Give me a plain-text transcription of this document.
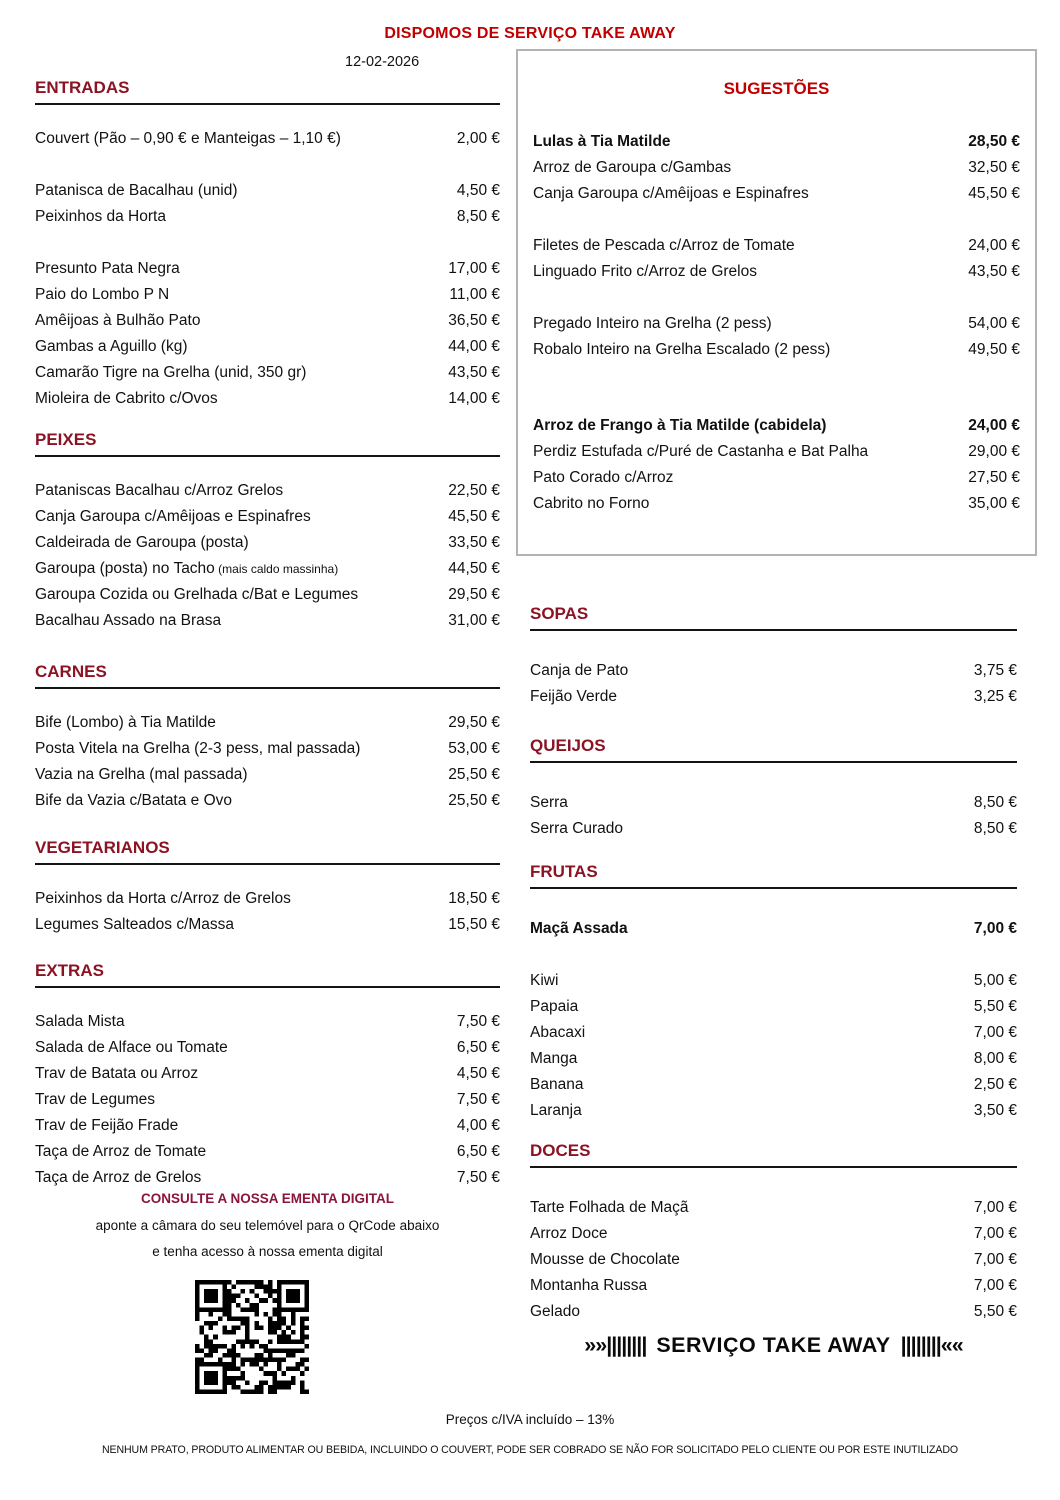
DISPOMOS DE SERVIÇO TAKE AWAY
12-02-2026
ENTRADAS
Couvert (Pão – 0,90 € e Manteigas – 1,10 €)	2,00 €
Patanisca de Bacalhau (unid)	4,50 €
Peixinhos da Horta	8,50 €
Presunto Pata Negra	17,00 €
Paio do Lombo P N	11,00 €
Amêijoas à Bulhão Pato	36,50 €
Gambas a Aguillo (kg)	44,00 €
Camarão Tigre na Grelha (unid, 350 gr)	43,50 €
Mioleira de Cabrito c/Ovos	14,00 €
PEIXES
Pataniscas Bacalhau c/Arroz Grelos	22,50 €
Canja Garoupa c/Amêijoas e Espinafres	45,50 €
Caldeirada de Garoupa (posta)	33,50 €
Garoupa (posta) no Tacho (mais caldo massinha)	44,50 €
Garoupa Cozida ou Grelhada c/Bat e Legumes	29,50 €
Bacalhau Assado na Brasa	31,00 €
CARNES
Bife (Lombo) à Tia Matilde	29,50 €
Posta Vitela na Grelha (2-3 pess, mal passada)	53,00 €
Vazia na Grelha (mal passada)	25,50 €
Bife da Vazia c/Batata e Ovo	25,50 €
VEGETARIANOS
Peixinhos da Horta c/Arroz de Grelos	18,50 €
Legumes Salteados c/Massa	15,50 €
EXTRAS
Salada Mista	7,50 €
Salada de Alface ou Tomate	6,50 €
Trav de Batata ou Arroz	4,50 €
Trav de Legumes	7,50 €
Trav de Feijão Frade	4,00 €
Taça de Arroz de Tomate	6,50 €
Taça de Arroz de Grelos	7,50 €
SUGESTÕES
Lulas à Tia Matilde	28,50 €
Arroz de Garoupa c/Gambas	32,50 €
Canja Garoupa c/Amêijoas e Espinafres	45,50 €
Filetes de Pescada c/Arroz de Tomate	24,00 €
Linguado Frito c/Arroz de Grelos	43,50 €
Pregado Inteiro na Grelha (2 pess)	54,00 €
Robalo Inteiro na Grelha Escalado (2 pess)	49,50 €
Arroz de Frango à Tia Matilde (cabidela)	24,00 €
Perdiz Estufada c/Puré de Castanha e Bat Palha	29,00 €
Pato Corado c/Arroz	27,50 €
Cabrito no Forno	35,00 €
SOPAS
Canja de Pato	3,75 €
Feijão Verde	3,25 €
QUEIJOS
Serra	8,50 €
Serra Curado	8,50 €
FRUTAS
Maçã Assada	7,00 €
Kiwi	5,00 €
Papaia	5,50 €
Abacaxi	7,00 €
Manga	8,00 €
Banana	2,50 €
Laranja	3,50 €
DOCES
Tarte Folhada de Maçã	7,00 €
Arroz Doce	7,00 €
Mousse de Chocolate	7,00 €
Montanha Russa	7,00 €
Gelado	5,50 €
CONSULTE A NOSSA EMENTA DIGITAL
aponte a câmara do seu telemóvel para o QrCode abaixo
e tenha acesso à nossa ementa digital
»»|||||||| SERVIÇO TAKE AWAY ||||||||««
Preços c/IVA incluído – 13%
NENHUM PRATO, PRODUTO ALIMENTAR OU BEBIDA, INCLUINDO O COUVERT, PODE SER COBRADO SE NÃO FOR SOLICITADO PELO CLIENTE OU POR ESTE INUTILIZADO
